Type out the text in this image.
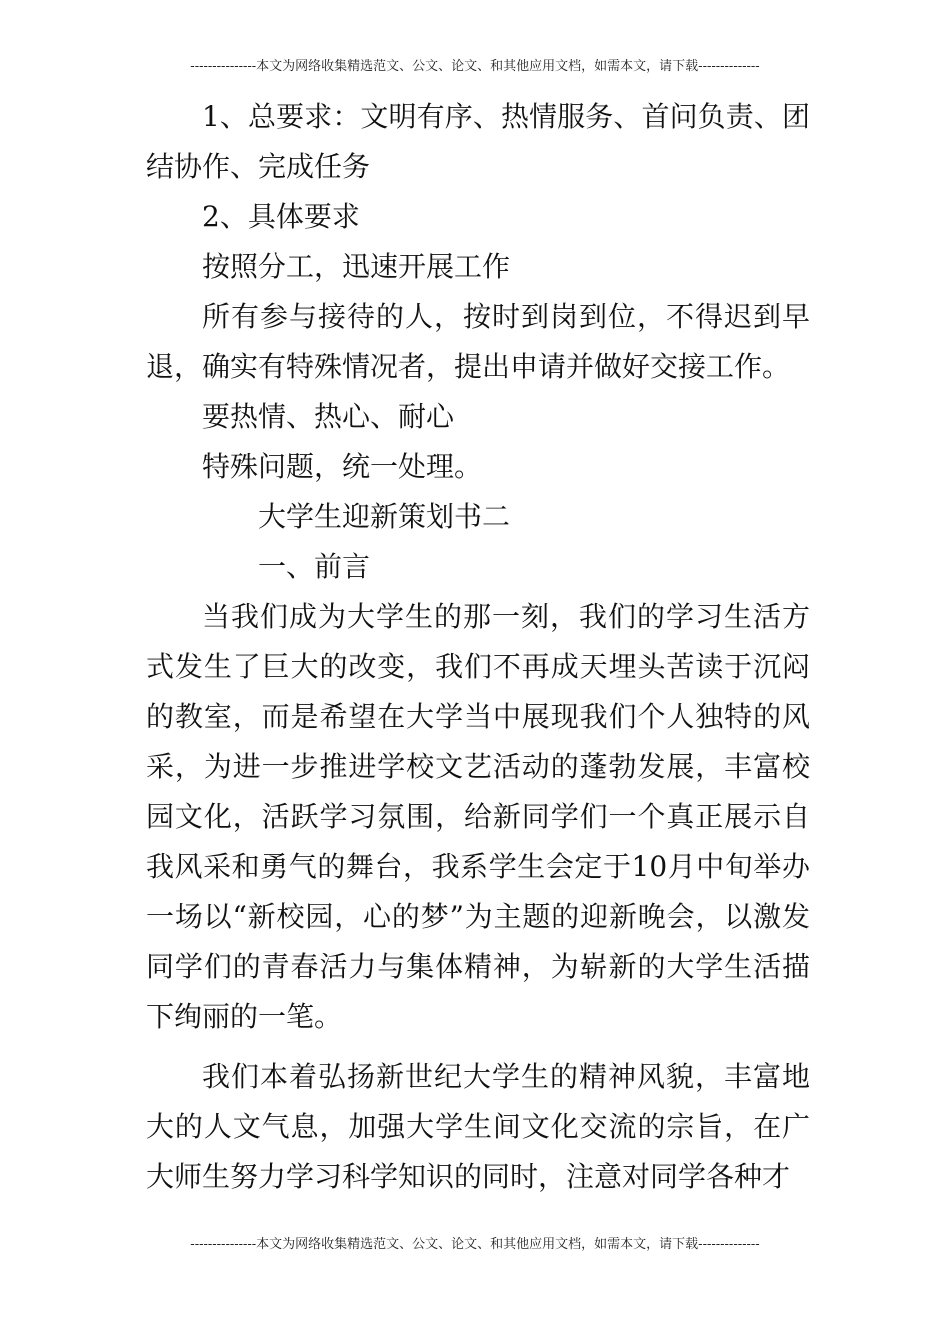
---------------本文为网络收集精选范文、公文、论文、和其他应用文档，如需本文，请下载--------------

1、总要求：文明有序、热情服务、首问负责、团结协作、完成任务

2、具体要求

按照分工，迅速开展工作

所有参与接待的人，按时到岗到位，不得迟到早退，确实有特殊情况者，提出申请并做好交接工作。

要热情、热心、耐心

特殊问题，统一处理。

大学生迎新策划书二

一、前言

当我们成为大学生的那一刻，我们的学习生活方式发生了巨大的改变，我们不再成天埋头苦读于沉闷的教室，而是希望在大学当中展现我们个人独特的风采，为进一步推进学校文艺活动的蓬勃发展，丰富校园文化，活跃学习氛围，给新同学们一个真正展示自我风采和勇气的舞台，我系学生会定于10月中旬举办一场以“新校园，心的梦”为主题的迎新晚会，以激发同学们的青春活力与集体精神，为崭新的大学生活描下绚丽的一笔。

我们本着弘扬新世纪大学生的精神风貌，丰富地大的人文气息，加强大学生间文化交流的宗旨，在广大师生努力学习科学知识的同时，注意对同学各种才

---------------本文为网络收集精选范文、公文、论文、和其他应用文档，如需本文，请下载--------------
